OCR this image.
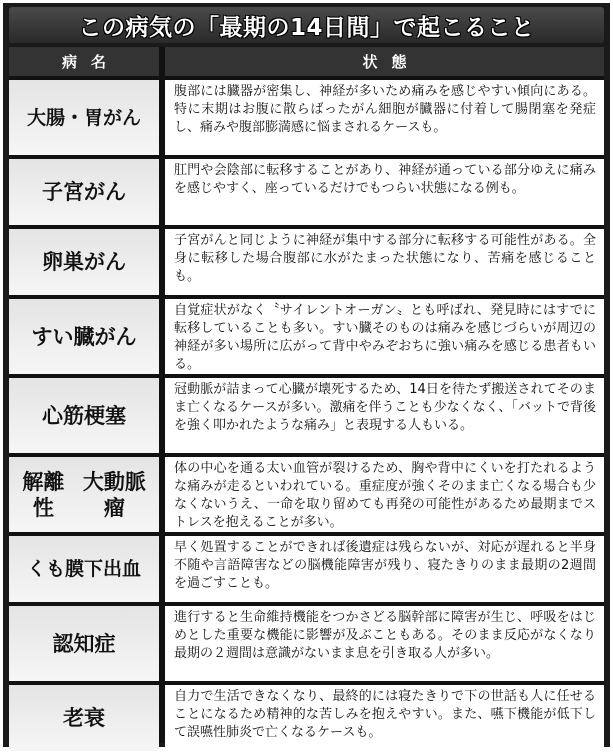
この病気の「最期の14日間」で起こること
病名	状態
大腸・胃がん
腹部には臓器が密集し、神経が多いため痛みを感じやすい傾向にある。特に末期はお腹に散らばったがん細胞が臓器に付着して腸閉塞を発症し、痛みや腹部膨満感に悩まされるケースも。
子宮がん
肛門や会陰部に転移することがあり、神経が通っている部分ゆえに痛みを感じやすく、座っているだけでもつらい状態になる例も。
卵巣がん
子宮がんと同じように神経が集中する部分に転移する可能性がある。全身に転移した場合腹部に水がたまった状態になり、苦痛を感じることも。
すい臓がん
自覚症状がなく〝サイレントオーガン〟とも呼ばれ、発見時にはすでに転移していることも多い。すい臓そのものは痛みを感じづらいが周辺の神経が多い場所に広がって背中やみぞおちに強い痛みを感じる患者もいる。
心筋梗塞
冠動脈が詰まって心臓が壊死するため、14日を待たず搬送されてそのまま亡くなるケースが多い。激痛を伴うことも少なくなく、「バットで背後を強く叩かれたような痛み」と表現する人もいる。
解離性
大動脈瘤
体の中心を通る太い血管が裂けるため、胸や背中にくいを打たれるような痛みが走るといわれている。重症度が強くそのまま亡くなる場合も少なくないうえ、一命を取り留めても再発の可能性があるため最期までストレスを抱えることが多い。
くも膜下出血
早く処置することができれば後遺症は残らないが、対応が遅れると半身不随や言語障害などの脳機能障害が残り、寝たきりのまま最期の2週間を過ごすことも。
認知症
進行すると生命維持機能をつかさどる脳幹部に障害が生じ、呼吸をはじめとした重要な機能に影響が及ぶこともある。そのまま反応がなくなり最期の２週間は意識がないまま息を引き取る人が多い。
老衰
自力で生活できなくなり、最終的には寝たきりで下の世話も人に任せることになるため精神的な苦しみを抱えやすい。また、嚥下機能が低下して誤嚥性肺炎で亡くなるケースも。
